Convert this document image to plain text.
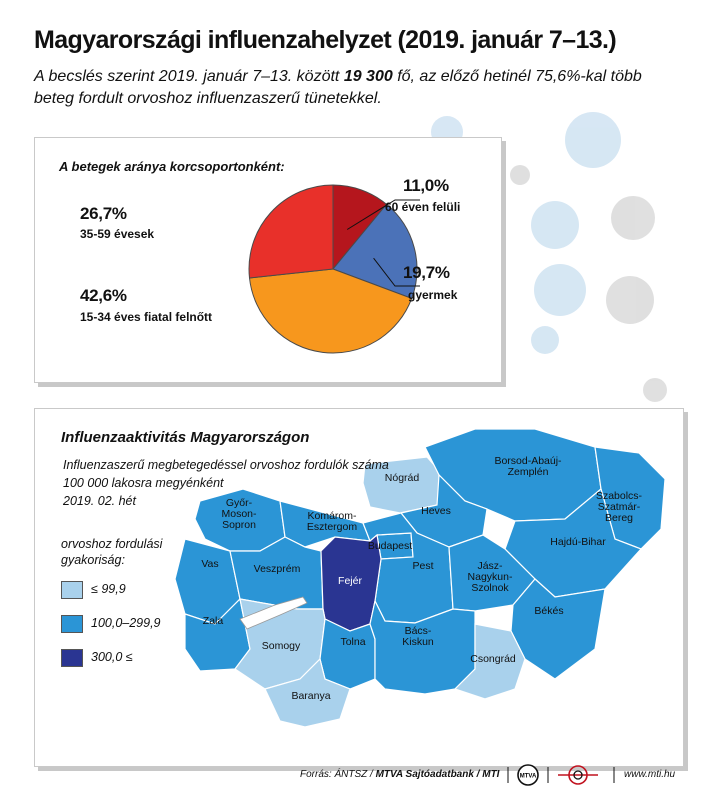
Magyarországi influenzahelyzet (2019. január 7–13.)
A becslés szerint 2019. január 7–13. között 19 300 fő, az előző hetinél 75,6%-kal több beteg fordult orvoshoz influenzaszerű tünetekkel.
A betegek aránya korcsoportonként:
11,0%
60 éven felüli
19,7%
gyermek
42,6%
15-34 éves fiatal felnőtt
26,7%
35-59 évesek
Győr-Moson-Sopron
Komárom-Esztergom
Nógrád
Borsod-Abaúj-Zemplén
Szabolcs-Szatmár-Bereg
Heves
Budapest
Pest
Hajdú-Bihar
Vas	Veszprém
Fejér
Jász-Nagykun-Szolnok
Zala
Békés
Somogy	Tolna
Bács-Kiskun
Csongrád
Baranya
Influenzaaktivitás Magyarországon
Influenzaszerű megbetegedéssel orvoshoz fordulók száma
100 000 lakosra megyénként
2019. 02. hét
orvoshoz fordulási
gyakoriság:
≤ 99,9
100,0–299,9
300,0 ≤
Forrás: ÁNTSZ / MTVA Sajtóadatbank / MTI	MTVA	www.mti.hu
